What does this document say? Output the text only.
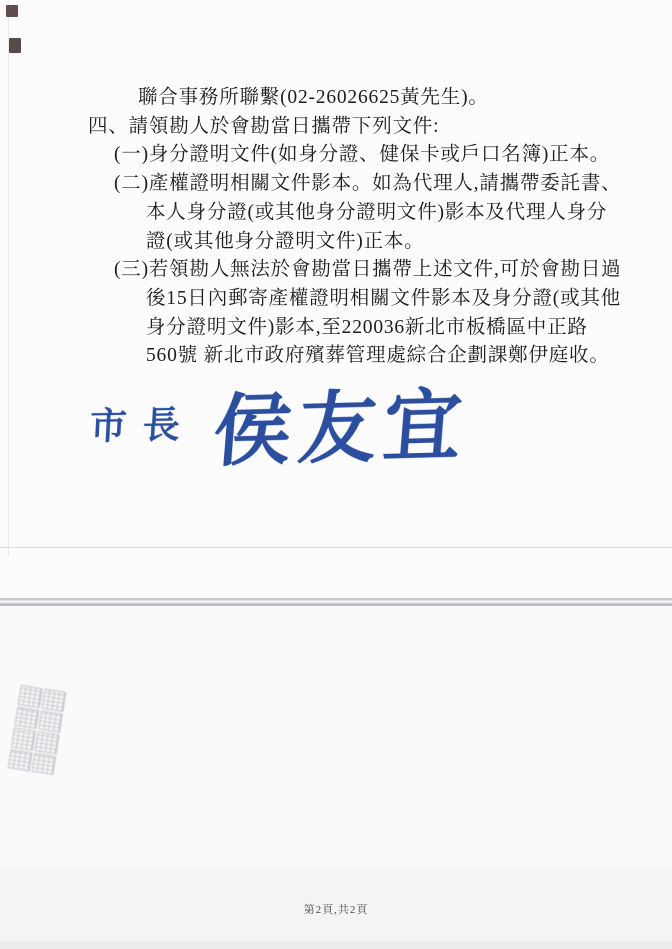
聯合事務所聯繫(02-26026625黃先生)。
四、請領勘人於會勘當日攜帶下列文件:
(一)身分證明文件(如身分證、健保卡或戶口名簿)正本。
(二)產權證明相關文件影本。如為代理人,請攜帶委託書、
本人身分證(或其他身分證明文件)影本及代理人身分
證(或其他身分證明文件)正本。
(三)若領勘人無法於會勘當日攜帶上述文件,可於會勘日過
後15日內郵寄產權證明相關文件影本及身分證(或其他
身分證明文件)影本,至220036新北市板橋區中正路
560號 新北市政府殯葬管理處綜合企劃課鄭伊庭收。
市長 侯友宜
第2頁,共2頁
